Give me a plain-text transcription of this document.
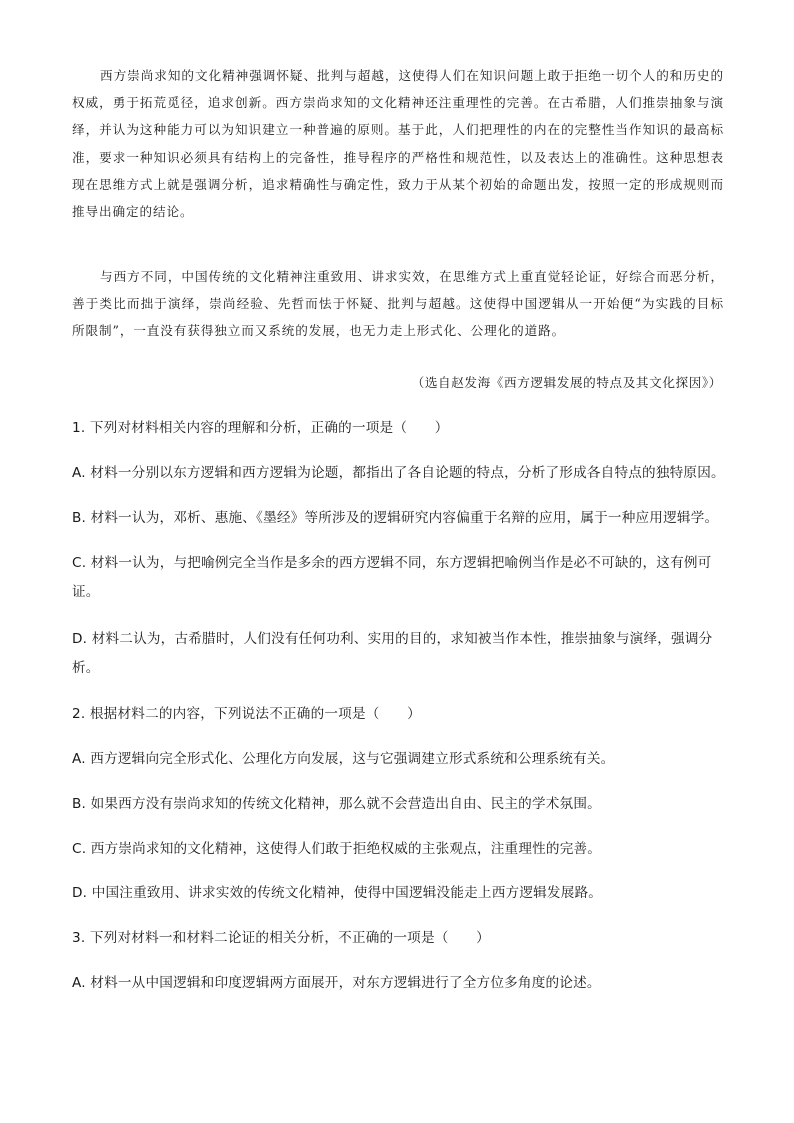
西方崇尚求知的文化精神强调怀疑、批判与超越，这使得人们在知识问题上敢于拒绝一切个人的和历史的权威，勇于拓荒觅径，追求创新。西方崇尚求知的文化精神还注重理性的完善。在古希腊，人们推崇抽象与演绎，并认为这种能力可以为知识建立一种普遍的原则。基于此，人们把理性的内在的完整性当作知识的最高标准，要求一种知识必须具有结构上的完备性，推导程序的严格性和规范性，以及表达上的准确性。这种思想表现在思维方式上就是强调分析，追求精确性与确定性，致力于从某个初始的命题出发，按照一定的形成规则而推导出确定的结论。

与西方不同，中国传统的文化精神注重致用、讲求实效，在思维方式上重直觉轻论证，好综合而恶分析，善于类比而拙于演绎，崇尚经验、先哲而怯于怀疑、批判与超越。这使得中国逻辑从一开始便“为实践的目标所限制”，一直没有获得独立而又系统的发展，也无力走上形式化、公理化的道路。

（选自赵发海《西方逻辑发展的特点及其文化探因》）

1. 下列对材料相关内容的理解和分析，正确的一项是（　　）

A. 材料一分别以东方逻辑和西方逻辑为论题，都指出了各自论题的特点，分析了形成各自特点的独特原因。

B. 材料一认为，邓析、惠施、《墨经》等所涉及的逻辑研究内容偏重于名辩的应用，属于一种应用逻辑学。

C. 材料一认为，与把喻例完全当作是多余的西方逻辑不同，东方逻辑把喻例当作是必不可缺的，这有例可证。

D. 材料二认为，古希腊时，人们没有任何功利、实用的目的，求知被当作本性，推崇抽象与演绎，强调分析。

2. 根据材料二的内容，下列说法不正确的一项是（　　）

A. 西方逻辑向完全形式化、公理化方向发展，这与它强调建立形式系统和公理系统有关。

B. 如果西方没有崇尚求知的传统文化精神，那么就不会营造出自由、民主的学术氛围。

C. 西方崇尚求知的文化精神，这使得人们敢于拒绝权威的主张观点，注重理性的完善。

D. 中国注重致用、讲求实效的传统文化精神，使得中国逻辑没能走上西方逻辑发展路。

3. 下列对材料一和材料二论证的相关分析，不正确的一项是（　　）

A. 材料一从中国逻辑和印度逻辑两方面展开，对东方逻辑进行了全方位多角度的论述。
